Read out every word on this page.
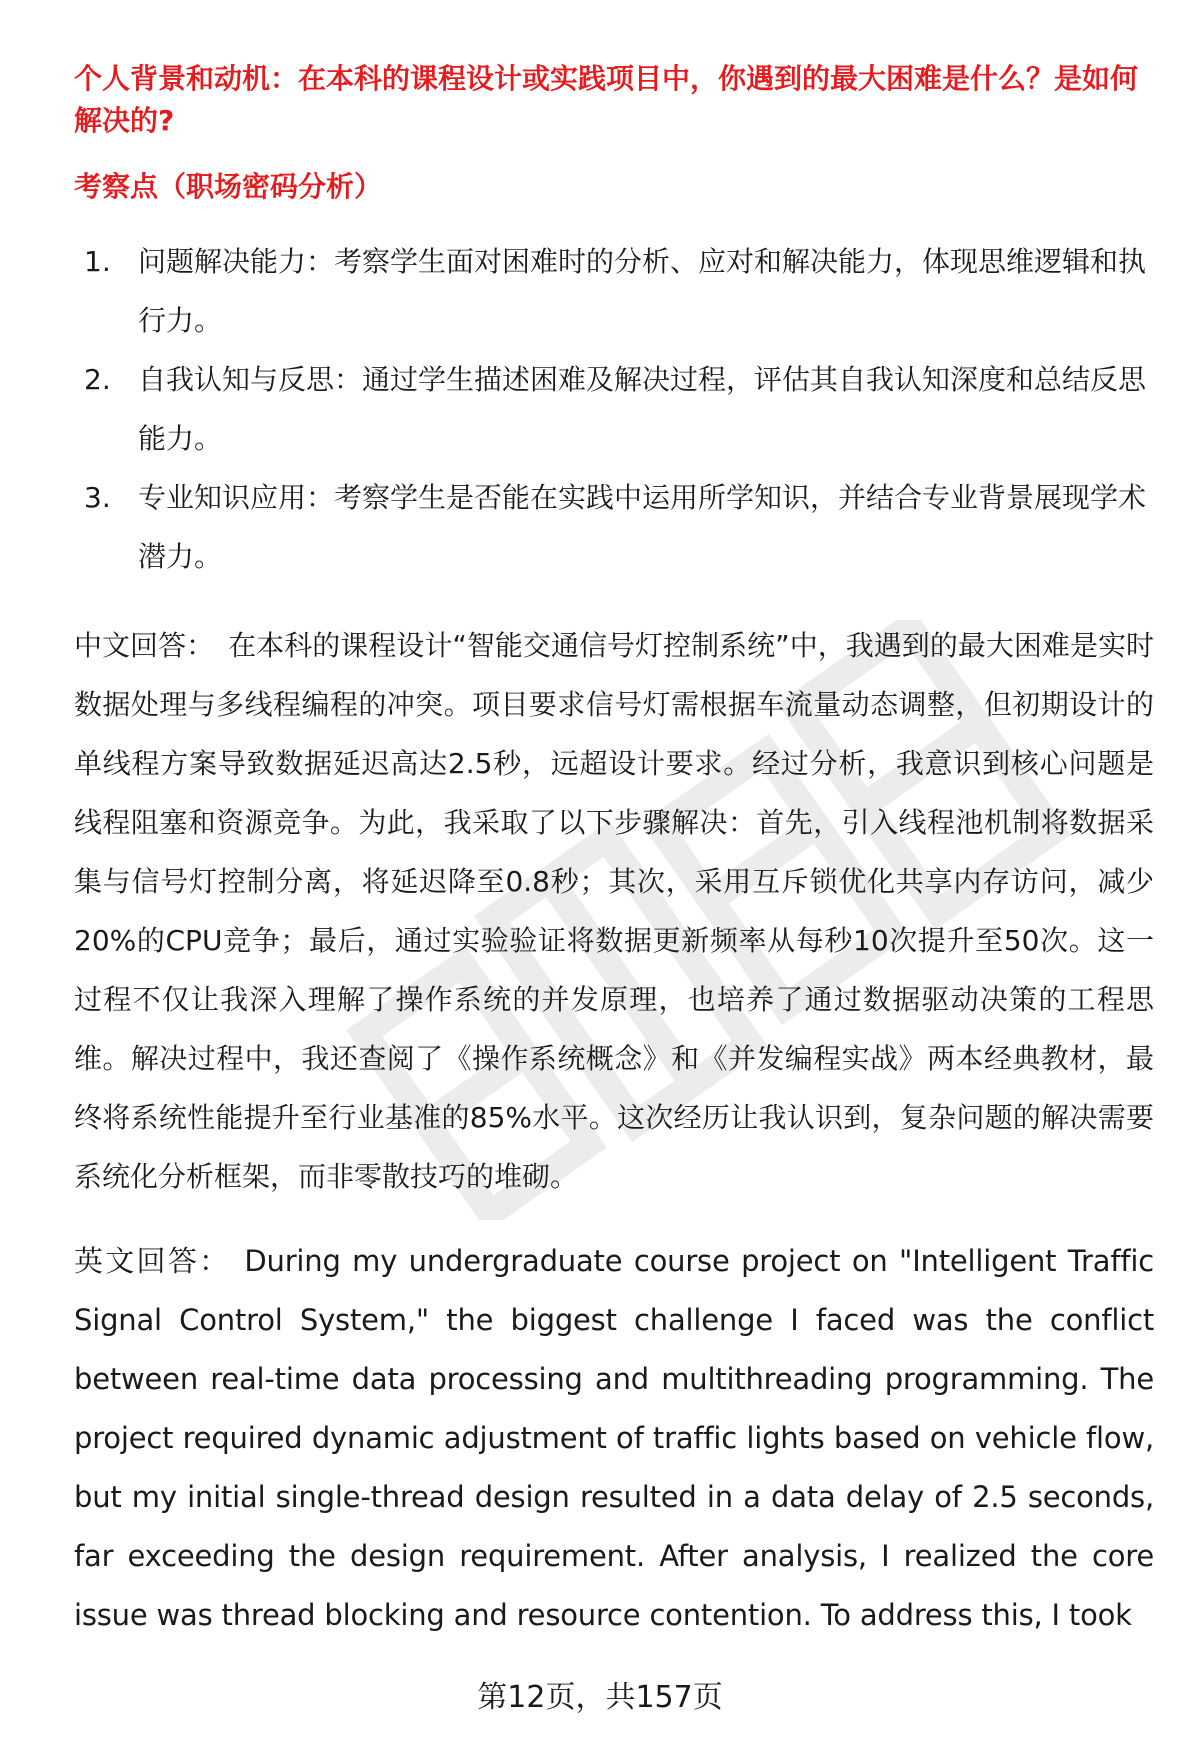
个人背景和动机：在本科的课程设计或实践项目中，你遇到的最大困难是什么？是如何解决的?

考察点（职场密码分析）

1. 问题解决能力：考察学生面对困难时的分析、应对和解决能力，体现思维逻辑和执行力。
2. 自我认知与反思：通过学生描述困难及解决过程，评估其自我认知深度和总结反思能力。
3. 专业知识应用：考察学生是否能在实践中运用所学知识，并结合专业背景展现学术潜力。

中文回答： 在本科的课程设计“智能交通信号灯控制系统”中，我遇到的最大困难是实时数据处理与多线程编程的冲突。项目要求信号灯需根据车流量动态调整，但初期设计的单线程方案导致数据延迟高达2.5秒，远超设计要求。经过分析，我意识到核心问题是线程阻塞和资源竞争。为此，我采取了以下步骤解决：首先，引入线程池机制将数据采集与信号灯控制分离，将延迟降至0.8秒；其次，采用互斥锁优化共享内存访问，减少20%的CPU竞争；最后，通过实验验证将数据更新频率从每秒10次提升至50次。这一过程不仅让我深入理解了操作系统的并发原理，也培养了通过数据驱动决策的工程思维。解决过程中，我还查阅了《操作系统概念》和《并发编程实战》两本经典教材，最终将系统性能提升至行业基准的85%水平。这次经历让我认识到，复杂问题的解决需要系统化分析框架，而非零散技巧的堆砌。

英文回答： During my undergraduate course project on "Intelligent Traffic Signal Control System," the biggest challenge I faced was the conflict between real-time data processing and multithreading programming. The project required dynamic adjustment of traffic lights based on vehicle flow, but my initial single-thread design resulted in a data delay of 2.5 seconds, far exceeding the design requirement. After analysis, I realized the core issue was thread blocking and resource contention. To address this, I took

第12页，共157页
